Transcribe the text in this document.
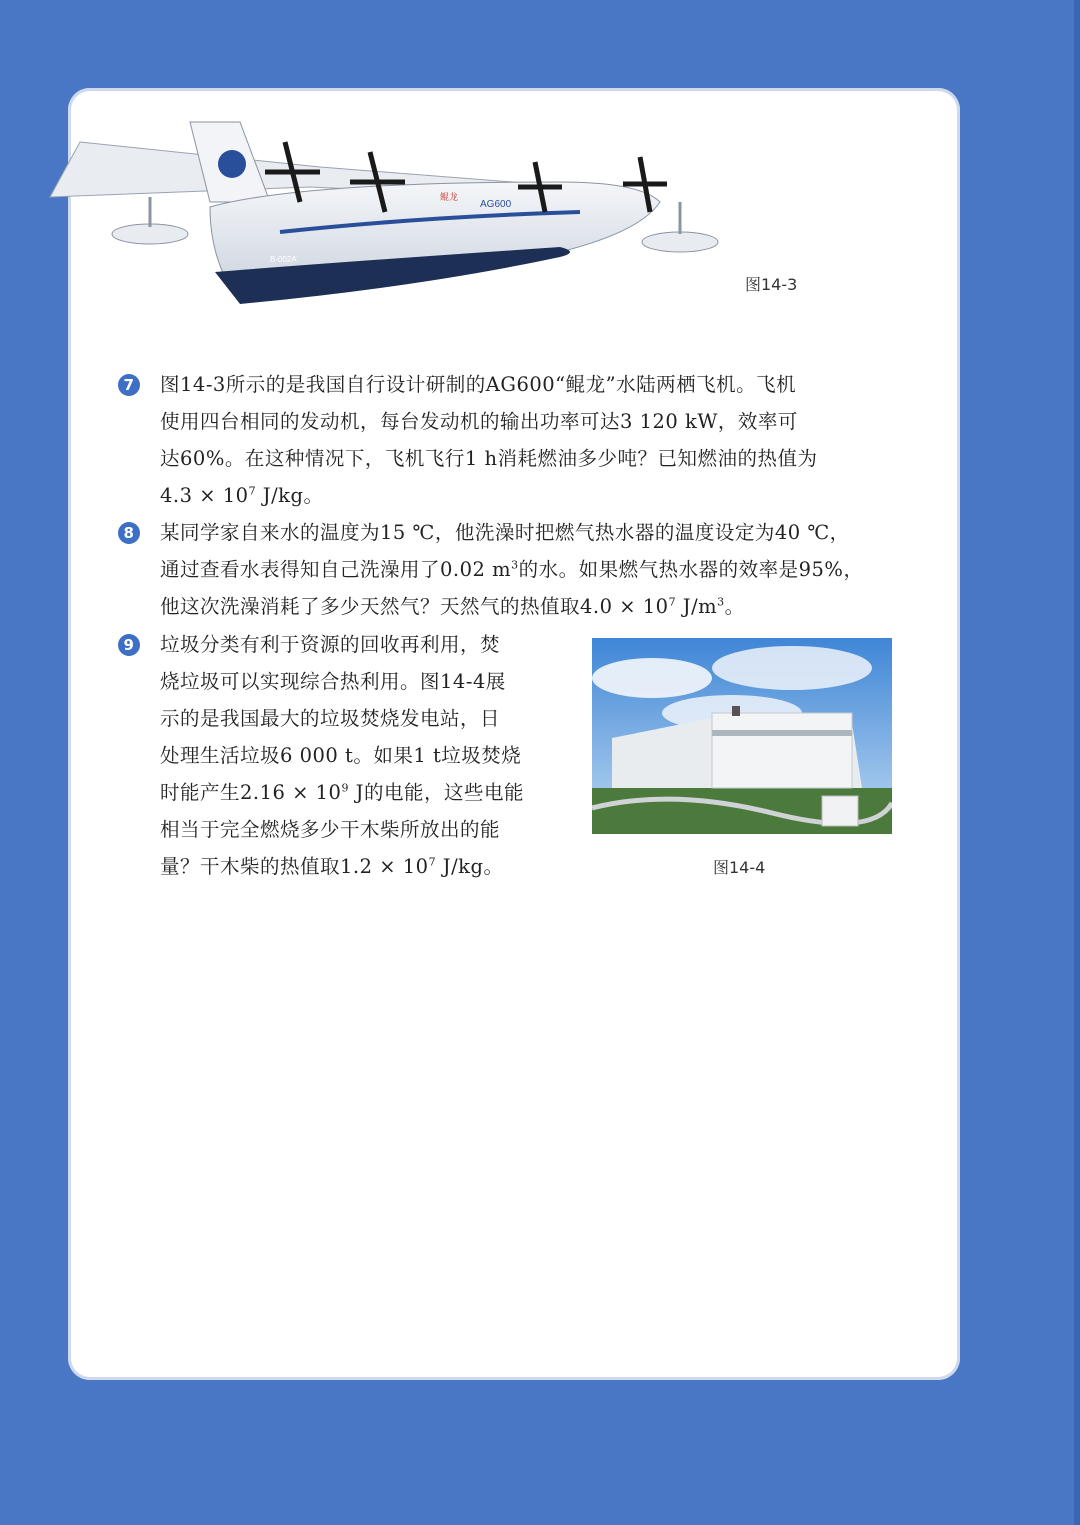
AG600
B-002A
鲲龙
图14-3
7 图14-3所示的是我国自行设计研制的AG600“鲲龙”水陆两栖飞机。飞机
使用四台相同的发动机，每台发动机的输出功率可达3 120 kW，效率可
达60%。在这种情况下，飞机飞行1 h消耗燃油多少吨？已知燃油的热值为
$4.3 \times 10^7$ J/kg。

8 某同学家自来水的温度为15 ℃，他洗澡时把燃气热水器的温度设定为40 ℃，
通过查看水表得知自己洗澡用了0.02 $m^3$的水。如果燃气热水器的效率是95%，
他这次洗澡消耗了多少天然气？天然气的热值取$4.0 \times 10^7$ $J/m^3$。

9 垃圾分类有利于资源的回收再利用，焚
烧垃圾可以实现综合热利用。图14-4展
示的是我国最大的垃圾焚烧发电站，日
处理生活垃圾6 000 t。如果1 t垃圾焚烧
时能产生$2.16 \times 10^9$ J的电能，这些电能
相当于完全燃烧多少干木柴所放出的能
量？干木柴的热值取$1.2 \times 10^7$ J/kg。	图14-4
